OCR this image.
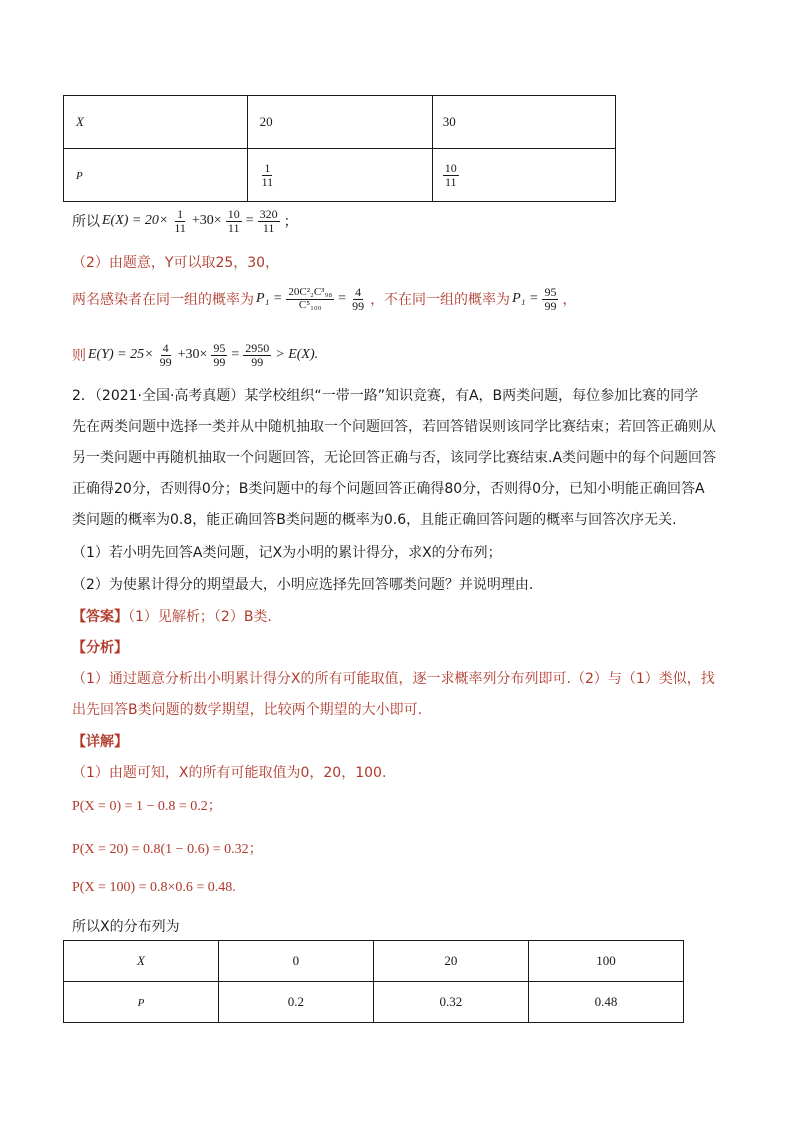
X	20	30
P	$\frac{1}{11}$	$\frac{10}{11}$
所以 $E(X) = 20\times \frac{1}{11} +30\times \frac{10}{11} = \frac{320}{11}$ ；
（2）由题意，Y可以取25，30，
两名感染者在同一组的概率为 $P_1 = \frac{\text{20C²₂C³₉₈}}{\text{C⁵₁₀₀}} = \frac{4}{99}$ ，不在同一组的概率为 $P_1 = \frac{95}{99}$ ，
则 $E(Y) = 25\times \frac{4}{99} +30\times \frac{95}{99} = \frac{2950}{99} > E(X)$.
2．（2021·全国·高考真题）某学校组织“一带一路”知识竞赛，有A，B两类问题，每位参加比赛的同学
先在两类问题中选择一类并从中随机抽取一个问题回答，若回答错误则该同学比赛结束；若回答正确则从
另一类问题中再随机抽取一个问题回答，无论回答正确与否，该同学比赛结束.A类问题中的每个问题回答
正确得20分，否则得0分；B类问题中的每个问题回答正确得80分，否则得0分，已知小明能正确回答A
类问题的概率为0.8，能正确回答B类问题的概率为0.6，且能正确回答问题的概率与回答次序无关.
（1）若小明先回答A类问题，记X为小明的累计得分，求X的分布列；
（2）为使累计得分的期望最大，小明应选择先回答哪类问题？并说明理由.
【答案】（1）见解析；（2）B类.
【分析】
（1）通过题意分析出小明累计得分X的所有可能取值，逐一求概率列分布列即可.（2）与（1）类似，找
出先回答B类问题的数学期望，比较两个期望的大小即可.
【详解】
（1）由题可知，X的所有可能取值为0，20，100.
P(X = 0) = 1 − 0.8 = 0.2；
P(X = 20) = 0.8(1 − 0.6) = 0.32；
P(X = 100) = 0.8×0.6 = 0.48.
所以X的分布列为
X	0	20	100
P	0.2	0.32	0.48
